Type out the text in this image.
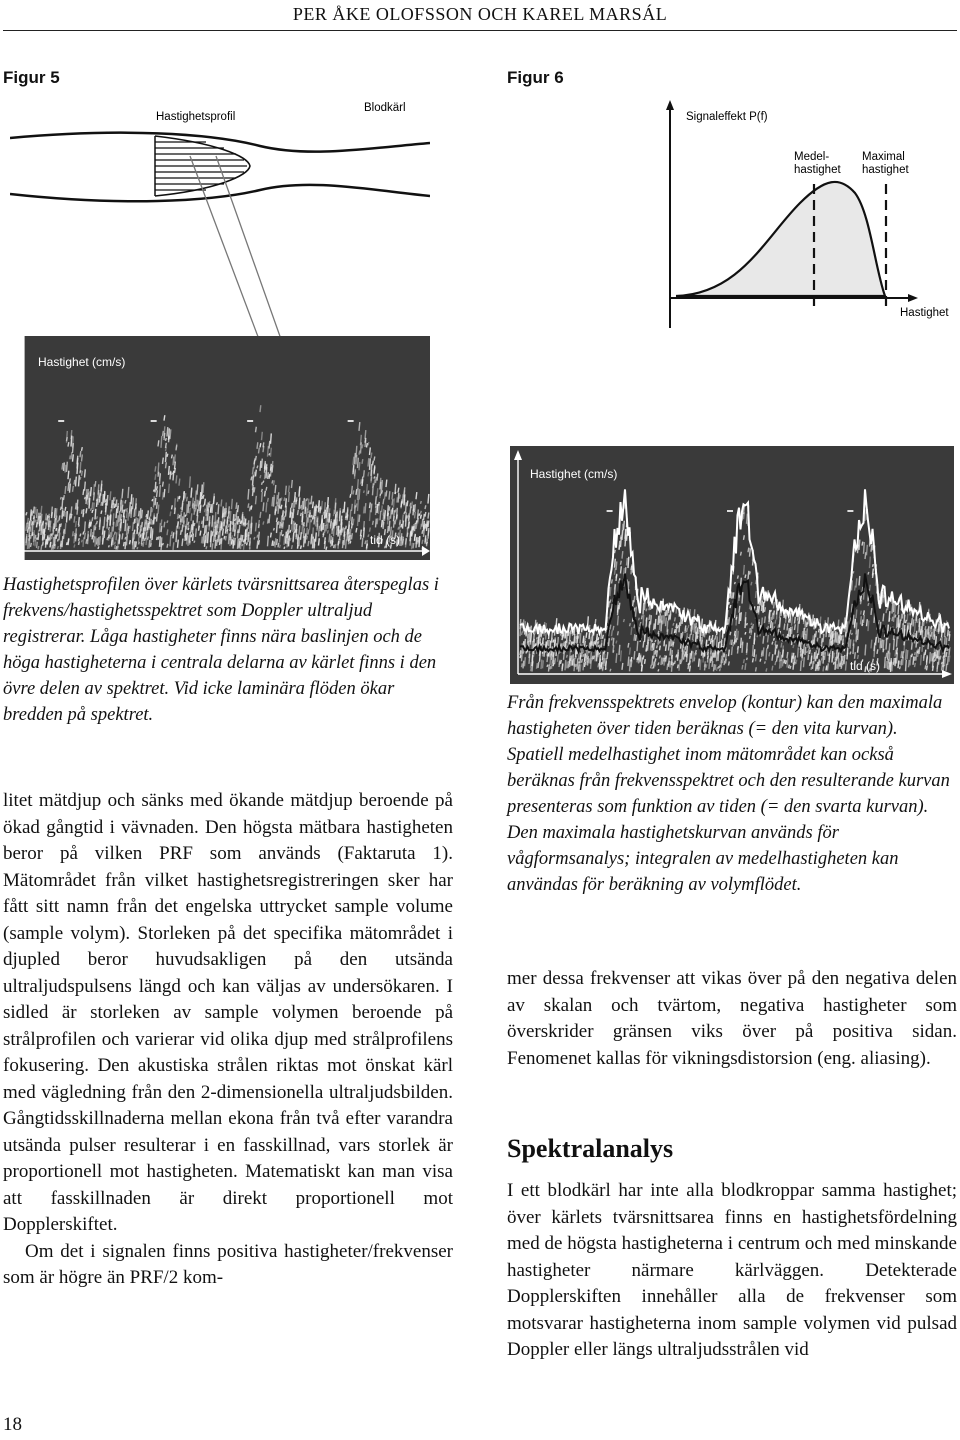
PER ÅKE OLOFSSON OCH KAREL MARSÁL
Figur 5
Hastighetsprofil
Blodkärl
Hastighet (cm/s)
tid (s)
Hastighetsprofilen över kärlets tvärsnittsarea återspeglas i frekvens/hastighetsspektret som Doppler ultraljud registrerar. Låga hastigheter finns nära baslinjen och de höga hastigheterna i centrala delarna av kärlet finns i den övre delen av spektret. Vid icke laminära flöden ökar bredden på spektret.
Figur 6
Signaleffekt P(f)
Medel-
hastighet
Maximal
hastighet
Hastighet
Hastighet (cm/s)
tid (s)
Från frekvensspektrets envelop (kontur) kan den maximala hastigheten över tiden beräknas (= den vita kurvan). Spatiell medelhastighet inom mätområdet kan också beräknas från frekvensspektret och den resulterande kurvan presenteras som funktion av tiden (= den svarta kurvan). Den maximala hastighetskurvan används för vågformsanalys; integralen av medelhastigheten kan användas för beräkning av volymflödet.

litet mätdjup och sänks med ökande mätdjup beroende på ökad gångtid i vävnaden. Den högsta mätbara hastigheten beror på vilken PRF som används (Faktaruta 1). Mätområdet från vilket hastighetsregistreringen sker har fått sitt namn från det engelska uttrycket sample volume (sample volym). Storleken på det specifika mätområdet i djupled beror huvudsakligen på den utsända ultraljudspulsens längd och kan väljas av undersökaren. I sidled är storleken av sample volymen beroende på strålprofilen och varierar vid olika djup med strålprofilens fokusering. Den akustiska strålen riktas mot önskat kärl med vägledning från den 2-dimensionella ultraljudsbilden. Gångtidsskillnaderna mellan ekona från två efter varandra utsända pulser resulterar i en fasskillnad, vars storlek är proportionell mot hastigheten. Matematiskt kan man visa att fasskillnaden är direkt proportionell mot Dopplerskiftet.

Om det i signalen finns positiva hastigheter/frekvenser som är högre än PRF/2 kom-

mer dessa frekvenser att vikas över på den negativa delen av skalan och tvärtom, negativa hastigheter som överskrider gränsen viks över på positiva sidan. Fenomenet kallas för vikningsdistorsion (eng. aliasing).
Spektralanalys
I ett blodkärl har inte alla blodkroppar samma hastighet; över kärlets tvärsnittsarea finns en hastighetsfördelning med de högsta hastigheterna i centrum och med minskande hastigheter närmare kärlväggen. Detekterade Dopplerskiften innehåller alla de frekvenser som motsvarar hastigheterna inom sample volymen vid pulsad Doppler eller längs ultraljudsstrålen vid
18
